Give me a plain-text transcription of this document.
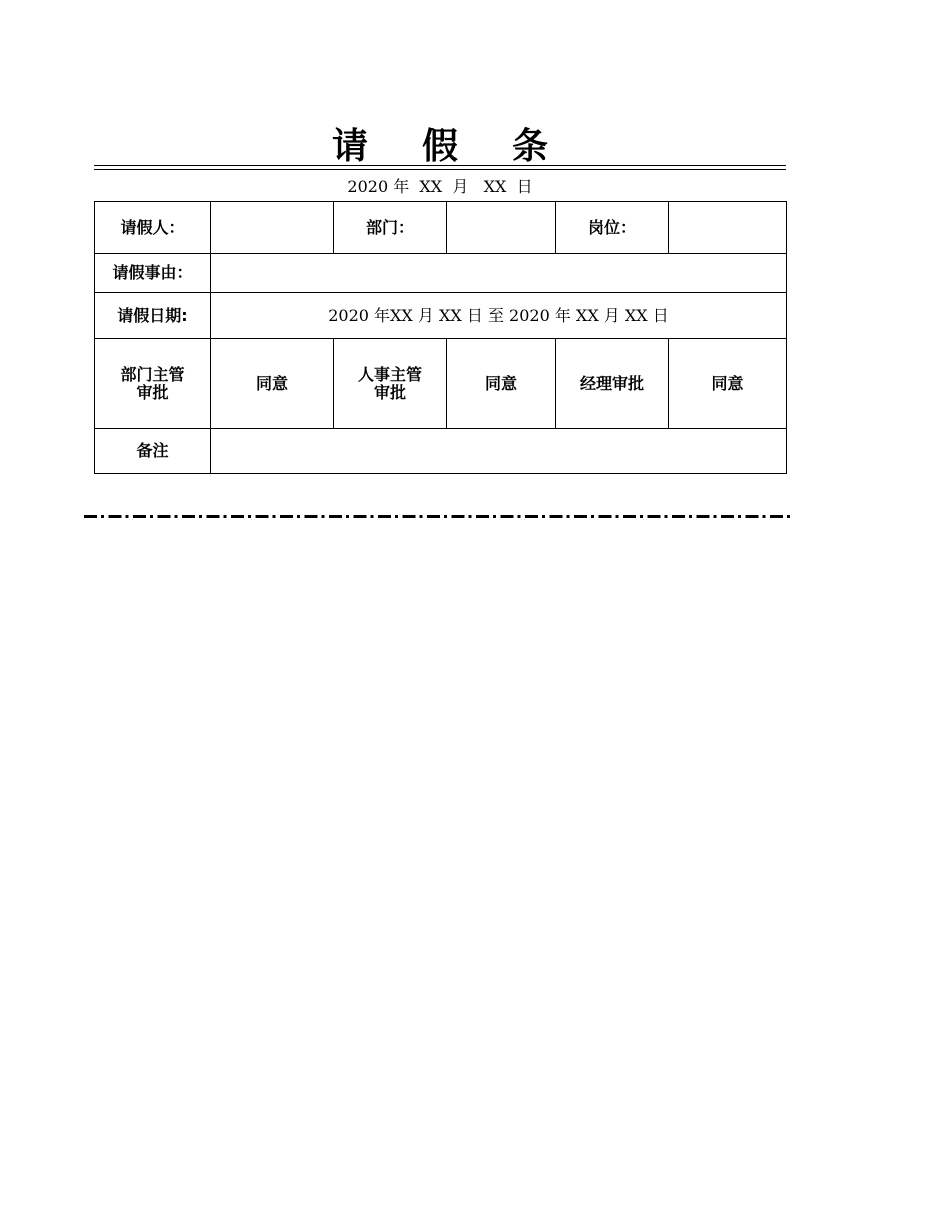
请 假 条
2020 年  XX  月   XX  日
请假人：		部门：		岗位：	
请假事由：					
请假日期:	2020 年XX 月 XX 日 至 2020 年 XX 月 XX 日				

部门主管审批	同意	人事主管审批	同意	经理审批	同意
备注					
